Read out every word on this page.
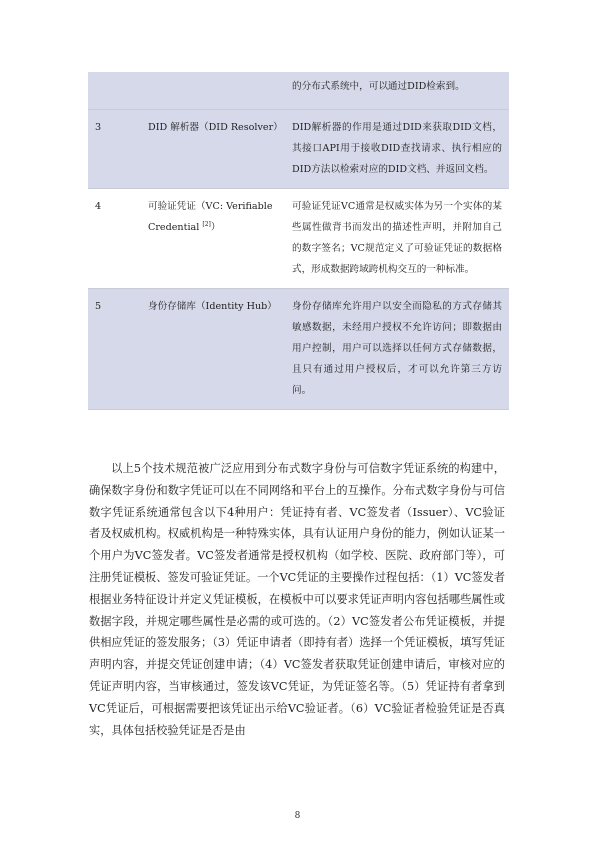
		的分布式系统中，可以通过DID检索到。
3	DID 解析器（DID Resolver）	DID解析器的作用是通过DID来获取DID文档，其接口API用于接收DID查找请求、执行相应的DID方法以检索对应的DID文档、并返回文档。
4	可验证凭证（VC: Verifiable Credential [2]）	可验证凭证VC通常是权威实体为另一个实体的某些属性做背书而发出的描述性声明，并附加自己的数字签名；VC规范定义了可验证凭证的数据格式，形成数据跨域跨机构交互的一种标准。
5	身份存储库（Identity Hub）	身份存储库允许用户以安全而隐私的方式存储其敏感数据，未经用户授权不允许访问；即数据由用户控制，用户可以选择以任何方式存储数据，且只有通过用户授权后，才可以允许第三方访问。
以上5个技术规范被广泛应用到分布式数字身份与可信数字凭证系统的构建中，确保数字身份和数字凭证可以在不同网络和平台上的互操作。分布式数字身份与可信数字凭证系统通常包含以下4种用户：凭证持有者、VC签发者（Issuer）、VC验证者及权威机构。权威机构是一种特殊实体，具有认证用户身份的能力，例如认证某一个用户为VC签发者。VC签发者通常是授权机构（如学校、医院、政府部门等），可注册凭证模板、签发可验证凭证。一个VC凭证的主要操作过程包括：（1）VC签发者根据业务特征设计并定义凭证模板，在模板中可以要求凭证声明内容包括哪些属性或数据字段，并规定哪些属性是必需的或可选的。（2）VC签发者公布凭证模板，并提供相应凭证的签发服务；（3）凭证申请者（即持有者）选择一个凭证模板，填写凭证声明内容，并提交凭证创建申请；（4）VC签发者获取凭证创建申请后，审核对应的凭证声明内容，当审核通过，签发该VC凭证，为凭证签名等。（5）凭证持有者拿到VC凭证后，可根据需要把该凭证出示给VC验证者。（6）VC验证者检验凭证是否真实，具体包括校验凭证是否是由
8
